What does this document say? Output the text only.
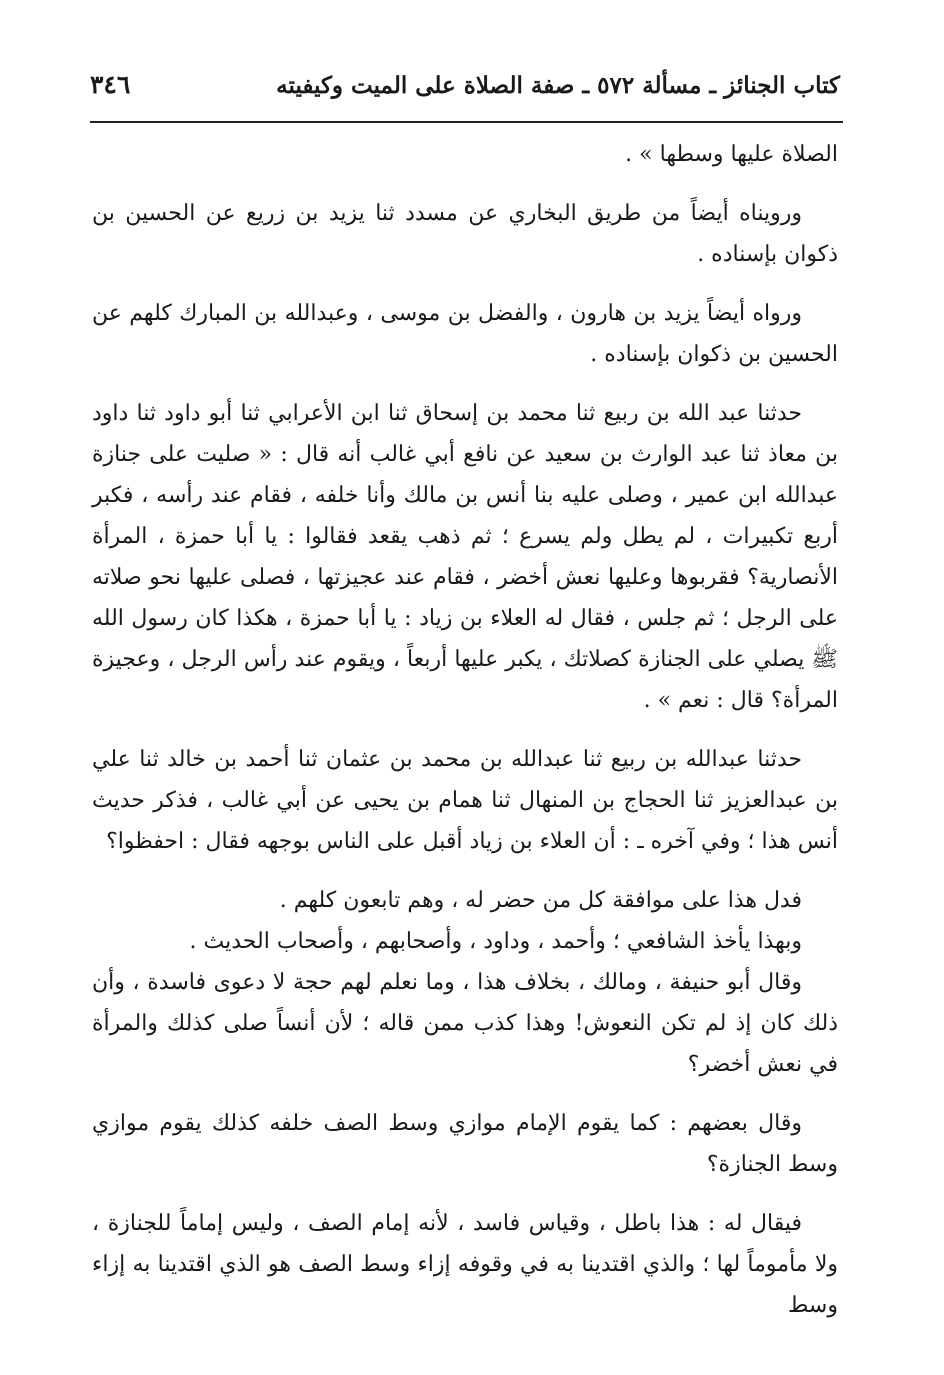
كتاب الجنائز ـ مسألة ٥٧٢ ـ صفة الصلاة على الميت وكيفيته
٣٤٦

الصلاة عليها وسطها » .

ورويناه أيضاً من طريق البخاري عن مسدد ثنا يزيد بن زريع عن الحسين بن ذكوان بإسناده .

ورواه أيضاً يزيد بن هارون ، والفضل بن موسى ، وعبدالله بن المبارك كلهم عن الحسين بن ذكوان بإسناده .

حدثنا عبد الله بن ربيع ثنا محمد بن إسحاق ثنا ابن الأعرابي ثنا أبو داود ثنا داود بن معاذ ثنا عبد الوارث بن سعيد عن نافع أبي غالب أنه قال : « صليت على جنازة عبدالله ابن عمير ، وصلى عليه بنا أنس بن مالك وأنا خلفه ، فقام عند رأسه ، فكبر أربع تكبيرات ، لم يطل ولم يسرع ؛ ثم ذهب يقعد فقالوا : يا أبا حمزة ، المرأة الأنصارية؟ فقربوها وعليها نعش أخضر ، فقام عند عجيزتها ، فصلى عليها نحو صلاته على الرجل ؛ ثم جلس ، فقال له العلاء بن زياد : يا أبا حمزة ، هكذا كان رسول الله ﷺ يصلي على الجنازة كصلاتك ، يكبر عليها أربعاً ، ويقوم عند رأس الرجل ، وعجيزة المرأة؟ قال : نعم » .

حدثنا عبدالله بن ربيع ثنا عبدالله بن محمد بن عثمان ثنا أحمد بن خالد ثنا علي بن عبدالعزيز ثنا الحجاج بن المنهال ثنا همام بن يحيى عن أبي غالب ، فذكر حديث أنس هذا ؛ وفي آخره ـ : أن العلاء بن زياد أقبل على الناس بوجهه فقال : احفظوا؟

فدل هذا على موافقة كل من حضر له ، وهم تابعون كلهم .

وبهذا يأخذ الشافعي ؛ وأحمد ، وداود ، وأصحابهم ، وأصحاب الحديث .

وقال أبو حنيفة ، ومالك ، بخلاف هذا ، وما نعلم لهم حجة لا دعوى فاسدة ، وأن ذلك كان إذ لم تكن النعوش! وهذا كذب ممن قاله ؛ لأن أنساً صلى كذلك والمرأة في نعش أخضر؟

وقال بعضهم : كما يقوم الإمام موازي وسط الصف خلفه كذلك يقوم موازي وسط الجنازة؟

فيقال له : هذا باطل ، وقياس فاسد ، لأنه إمام الصف ، وليس إماماً للجنازة ، ولا مأموماً لها ؛ والذي اقتدينا به في وقوفه إزاء وسط الصف هو الذي اقتدينا به إزاء وسط
